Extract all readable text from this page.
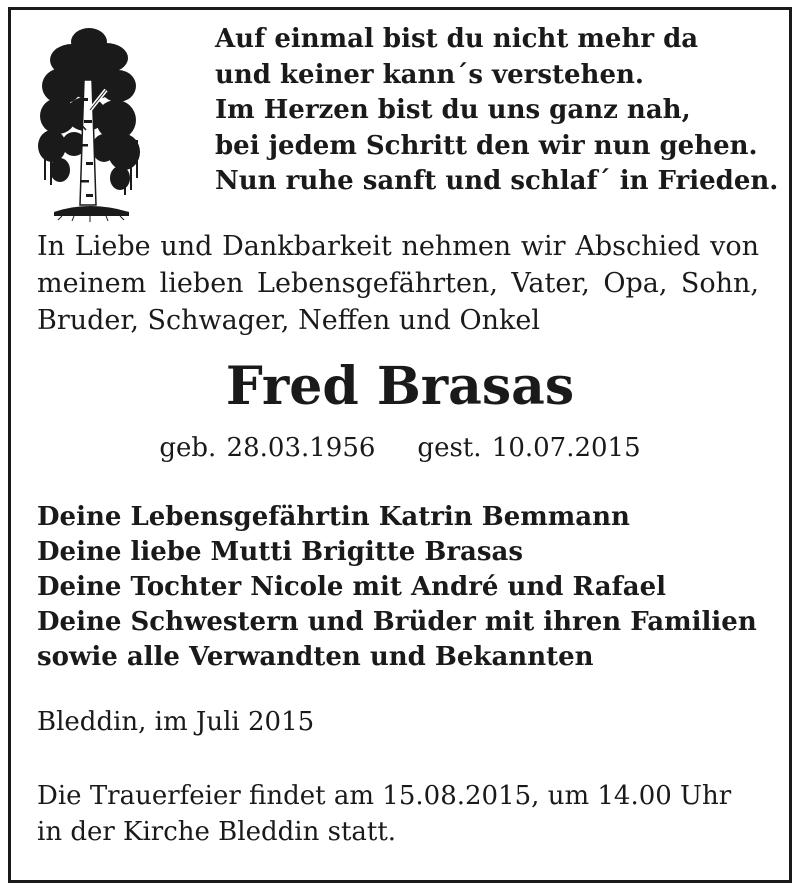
Auf einmal bist du nicht mehr da
und keiner kann´s verstehen.
Im Herzen bist du uns ganz nah,
bei jedem Schritt den wir nun gehen.
Nun ruhe sanft und schlaf´ in Frieden.
In Liebe und Dankbarkeit nehmen wir Abschied von
meinem lieben Lebensgefährten, Vater, Opa, Sohn,
Bruder, Schwager, Neffen und Onkel
Fred Brasas
geb. 28.03.1956 gest. 10.07.2015
Deine Lebensgefährtin Katrin Bemmann
Deine liebe Mutti Brigitte Brasas
Deine Tochter Nicole mit André und Rafael
Deine Schwestern und Brüder mit ihren Familien
sowie alle Verwandten und Bekannten
Bleddin, im Juli 2015
Die Trauerfeier findet am 15.08.2015, um 14.00 Uhr
in der Kirche Bleddin statt.
